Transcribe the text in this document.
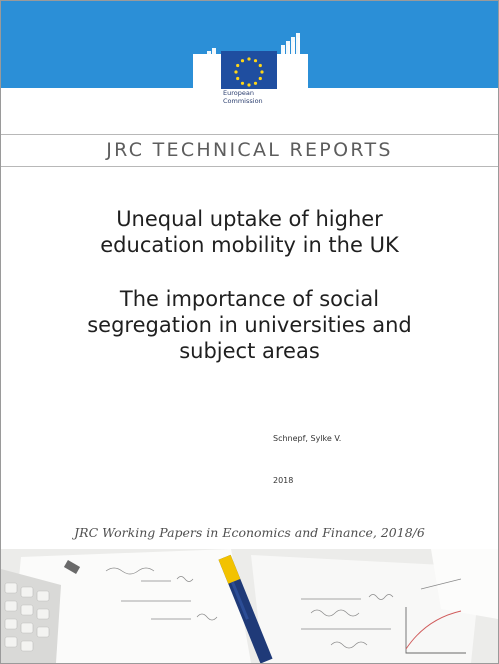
European
Commission
JRC TECHNICAL REPORTS
Unequal uptake of higher
education mobility in the UK
The importance of social
segregation in universities and
subject areas
Schnepf, Sylke V.
2018
JRC Working Papers in Economics and Finance, 2018/6
